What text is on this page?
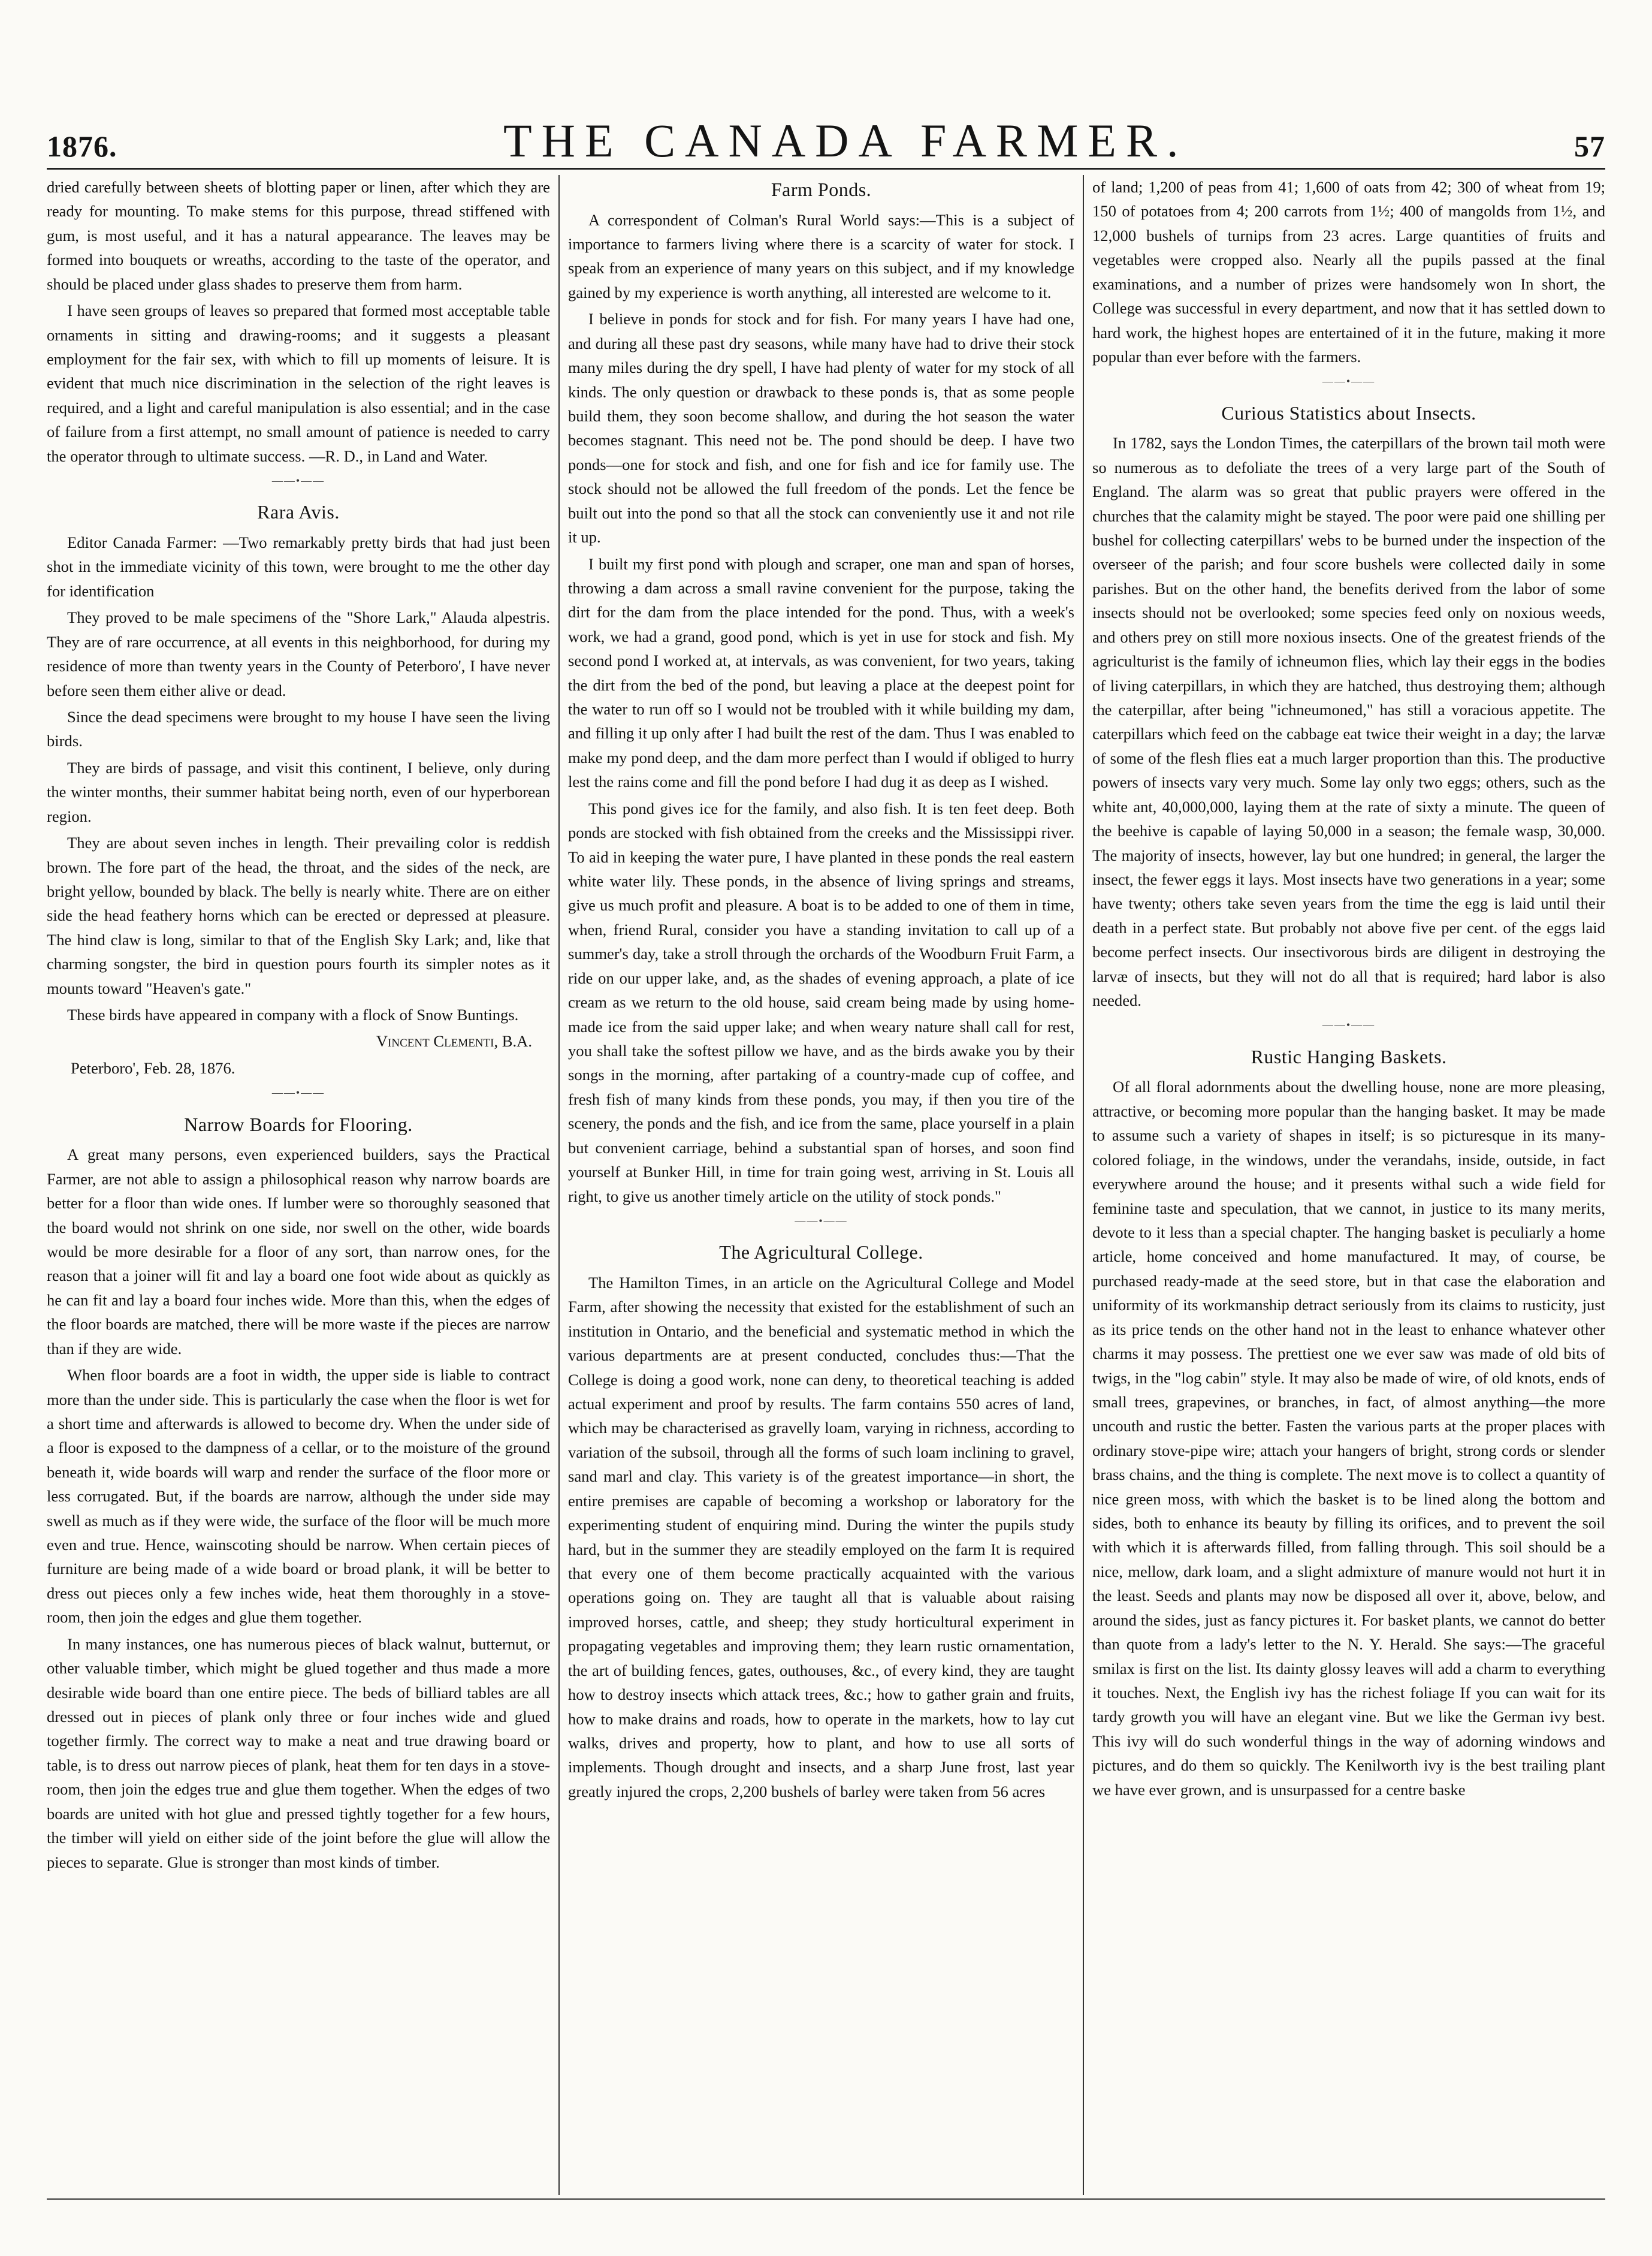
1876.	THE CANADA FARMER.	57

dried carefully between sheets of blotting paper or linen, after which they are ready for mounting. To make stems for this purpose, thread stiffened with gum, is most useful, and it has a natural appearance. The leaves may be formed into bouquets or wreaths, according to the taste of the operator, and should be placed under glass shades to preserve them from harm.

I have seen groups of leaves so prepared that formed most acceptable table ornaments in sitting and drawing-rooms; and it suggests a pleasant employment for the fair sex, with which to fill up moments of leisure. It is evident that much nice discrimination in the selection of the right leaves is required, and a light and careful manipulation is also essential; and in the case of failure from a first attempt, no small amount of patience is needed to carry the operator through to ultimate success. —R. D., in Land and Water.

——•——
Rara Avis.

Editor Canada Farmer: —Two remarkably pretty birds that had just been shot in the immediate vicinity of this town, were brought to me the other day for identification

They proved to be male specimens of the "Shore Lark," Alauda alpestris. They are of rare occurrence, at all events in this neighborhood, for during my residence of more than twenty years in the County of Peterboro', I have never before seen them either alive or dead.

Since the dead specimens were brought to my house I have seen the living birds.

They are birds of passage, and visit this continent, I believe, only during the winter months, their summer habitat being north, even of our hyperborean region.

They are about seven inches in length. Their prevailing color is reddish brown. The fore part of the head, the throat, and the sides of the neck, are bright yellow, bounded by black. The belly is nearly white. There are on either side the head feathery horns which can be erected or depressed at pleasure. The hind claw is long, similar to that of the English Sky Lark; and, like that charming songster, the bird in question pours fourth its simpler notes as it mounts toward "Heaven's gate."

These birds have appeared in company with a flock of Snow Buntings.

Vincent Clementi, B.A.

Peterboro', Feb. 28, 1876.

——•——
Narrow Boards for Flooring.

A great many persons, even experienced builders, says the Practical Farmer, are not able to assign a philosophical reason why narrow boards are better for a floor than wide ones. If lumber were so thoroughly seasoned that the board would not shrink on one side, nor swell on the other, wide boards would be more desirable for a floor of any sort, than narrow ones, for the reason that a joiner will fit and lay a board one foot wide about as quickly as he can fit and lay a board four inches wide. More than this, when the edges of the floor boards are matched, there will be more waste if the pieces are narrow than if they are wide.

When floor boards are a foot in width, the upper side is liable to contract more than the under side. This is particularly the case when the floor is wet for a short time and afterwards is allowed to become dry. When the under side of a floor is exposed to the dampness of a cellar, or to the moisture of the ground beneath it, wide boards will warp and render the surface of the floor more or less corrugated. But, if the boards are narrow, although the under side may swell as much as if they were wide, the surface of the floor will be much more even and true. Hence, wainscoting should be narrow. When certain pieces of furniture are being made of a wide board or broad plank, it will be better to dress out pieces only a few inches wide, heat them thoroughly in a stove-room, then join the edges and glue them together.

In many instances, one has numerous pieces of black walnut, butternut, or other valuable timber, which might be glued together and thus made a more desirable wide board than one entire piece. The beds of billiard tables are all dressed out in pieces of plank only three or four inches wide and glued together firmly. The correct way to make a neat and true drawing board or table, is to dress out narrow pieces of plank, heat them for ten days in a stove-room, then join the edges true and glue them together. When the edges of two boards are united with hot glue and pressed tightly together for a few hours, the timber will yield on either side of the joint before the glue will allow the pieces to separate. Glue is stronger than most kinds of timber.

Farm Ponds.

A correspondent of Colman's Rural World says:—This is a subject of importance to farmers living where there is a scarcity of water for stock. I speak from an experience of many years on this subject, and if my knowledge gained by my experience is worth anything, all interested are welcome to it.

I believe in ponds for stock and for fish. For many years I have had one, and during all these past dry seasons, while many have had to drive their stock many miles during the dry spell, I have had plenty of water for my stock of all kinds. The only question or drawback to these ponds is, that as some people build them, they soon become shallow, and during the hot season the water becomes stagnant. This need not be. The pond should be deep. I have two ponds—one for stock and fish, and one for fish and ice for family use. The stock should not be allowed the full freedom of the ponds. Let the fence be built out into the pond so that all the stock can conveniently use it and not rile it up.

I built my first pond with plough and scraper, one man and span of horses, throwing a dam across a small ravine convenient for the purpose, taking the dirt for the dam from the place intended for the pond. Thus, with a week's work, we had a grand, good pond, which is yet in use for stock and fish. My second pond I worked at, at intervals, as was convenient, for two years, taking the dirt from the bed of the pond, but leaving a place at the deepest point for the water to run off so I would not be troubled with it while building my dam, and filling it up only after I had built the rest of the dam. Thus I was enabled to make my pond deep, and the dam more perfect than I would if obliged to hurry lest the rains come and fill the pond before I had dug it as deep as I wished.

This pond gives ice for the family, and also fish. It is ten feet deep. Both ponds are stocked with fish obtained from the creeks and the Mississippi river. To aid in keeping the water pure, I have planted in these ponds the real eastern white water lily. These ponds, in the absence of living springs and streams, give us much profit and pleasure. A boat is to be added to one of them in time, when, friend Rural, consider you have a standing invitation to call up of a summer's day, take a stroll through the orchards of the Woodburn Fruit Farm, a ride on our upper lake, and, as the shades of evening approach, a plate of ice cream as we return to the old house, said cream being made by using home-made ice from the said upper lake; and when weary nature shall call for rest, you shall take the softest pillow we have, and as the birds awake you by their songs in the morning, after partaking of a country-made cup of coffee, and fresh fish of many kinds from these ponds, you may, if then you tire of the scenery, the ponds and the fish, and ice from the same, place yourself in a plain but convenient carriage, behind a substantial span of horses, and soon find yourself at Bunker Hill, in time for train going west, arriving in St. Louis all right, to give us another timely article on the utility of stock ponds."

——•——
The Agricultural College.

The Hamilton Times, in an article on the Agricultural College and Model Farm, after showing the necessity that existed for the establishment of such an institution in Ontario, and the beneficial and systematic method in which the various departments are at present conducted, concludes thus:—That the College is doing a good work, none can deny, to theoretical teaching is added actual experiment and proof by results. The farm contains 550 acres of land, which may be characterised as gravelly loam, varying in richness, according to variation of the subsoil, through all the forms of such loam inclining to gravel, sand marl and clay. This variety is of the greatest importance—in short, the entire premises are capable of becoming a workshop or laboratory for the experimenting student of enquiring mind. During the winter the pupils study hard, but in the summer they are steadily employed on the farm It is required that every one of them become practically acquainted with the various operations going on. They are taught all that is valuable about raising improved horses, cattle, and sheep; they study horticultural experiment in propagating vegetables and improving them; they learn rustic ornamentation, the art of building fences, gates, outhouses, &c., of every kind, they are taught how to destroy insects which attack trees, &c.; how to gather grain and fruits, how to make drains and roads, how to operate in the markets, how to lay cut walks, drives and property, how to plant, and how to use all sorts of implements. Though drought and insects, and a sharp June frost, last year greatly injured the crops, 2,200 bushels of barley were taken from 56 acres

of land; 1,200 of peas from 41; 1,600 of oats from 42; 300 of wheat from 19; 150 of potatoes from 4; 200 carrots from 1½; 400 of mangolds from 1½, and 12,000 bushels of turnips from 23 acres. Large quantities of fruits and vegetables were cropped also. Nearly all the pupils passed at the final examinations, and a number of prizes were handsomely won In short, the College was successful in every department, and now that it has settled down to hard work, the highest hopes are entertained of it in the future, making it more popular than ever before with the farmers.

——•——
Curious Statistics about Insects.

In 1782, says the London Times, the caterpillars of the brown tail moth were so numerous as to defoliate the trees of a very large part of the South of England. The alarm was so great that public prayers were offered in the churches that the calamity might be stayed. The poor were paid one shilling per bushel for collecting caterpillars' webs to be burned under the inspection of the overseer of the parish; and four score bushels were collected daily in some parishes. But on the other hand, the benefits derived from the labor of some insects should not be overlooked; some species feed only on noxious weeds, and others prey on still more noxious insects. One of the greatest friends of the agriculturist is the family of ichneumon flies, which lay their eggs in the bodies of living caterpillars, in which they are hatched, thus destroying them; although the caterpillar, after being "ichneumoned," has still a voracious appetite. The caterpillars which feed on the cabbage eat twice their weight in a day; the larvæ of some of the flesh flies eat a much larger proportion than this. The productive powers of insects vary very much. Some lay only two eggs; others, such as the white ant, 40,000,000, laying them at the rate of sixty a minute. The queen of the beehive is capable of laying 50,000 in a season; the female wasp, 30,000. The majority of insects, however, lay but one hundred; in general, the larger the insect, the fewer eggs it lays. Most insects have two generations in a year; some have twenty; others take seven years from the time the egg is laid until their death in a perfect state. But probably not above five per cent. of the eggs laid become perfect insects. Our insectivorous birds are diligent in destroying the larvæ of insects, but they will not do all that is required; hard labor is also needed.

——•——
Rustic Hanging Baskets.

Of all floral adornments about the dwelling house, none are more pleasing, attractive, or becoming more popular than the hanging basket. It may be made to assume such a variety of shapes in itself; is so picturesque in its many-colored foliage, in the windows, under the verandahs, inside, outside, in fact everywhere around the house; and it presents withal such a wide field for feminine taste and speculation, that we cannot, in justice to its many merits, devote to it less than a special chapter. The hanging basket is peculiarly a home article, home conceived and home manufactured. It may, of course, be purchased ready-made at the seed store, but in that case the elaboration and uniformity of its workmanship detract seriously from its claims to rusticity, just as its price tends on the other hand not in the least to enhance whatever other charms it may possess. The prettiest one we ever saw was made of old bits of twigs, in the "log cabin" style. It may also be made of wire, of old knots, ends of small trees, grapevines, or branches, in fact, of almost anything—the more uncouth and rustic the better. Fasten the various parts at the proper places with ordinary stove-pipe wire; attach your hangers of bright, strong cords or slender brass chains, and the thing is complete. The next move is to collect a quantity of nice green moss, with which the basket is to be lined along the bottom and sides, both to enhance its beauty by filling its orifices, and to prevent the soil with which it is afterwards filled, from falling through. This soil should be a nice, mellow, dark loam, and a slight admixture of manure would not hurt it in the least. Seeds and plants may now be disposed all over it, above, below, and around the sides, just as fancy pictures it. For basket plants, we cannot do better than quote from a lady's letter to the N. Y. Herald. She says:—The graceful smilax is first on the list. Its dainty glossy leaves will add a charm to everything it touches. Next, the English ivy has the richest foliage If you can wait for its tardy growth you will have an elegant vine. But we like the German ivy best. This ivy will do such wonderful things in the way of adorning windows and pictures, and do them so quickly. The Kenilworth ivy is the best trailing plant we have ever grown, and is unsurpassed for a centre baske
